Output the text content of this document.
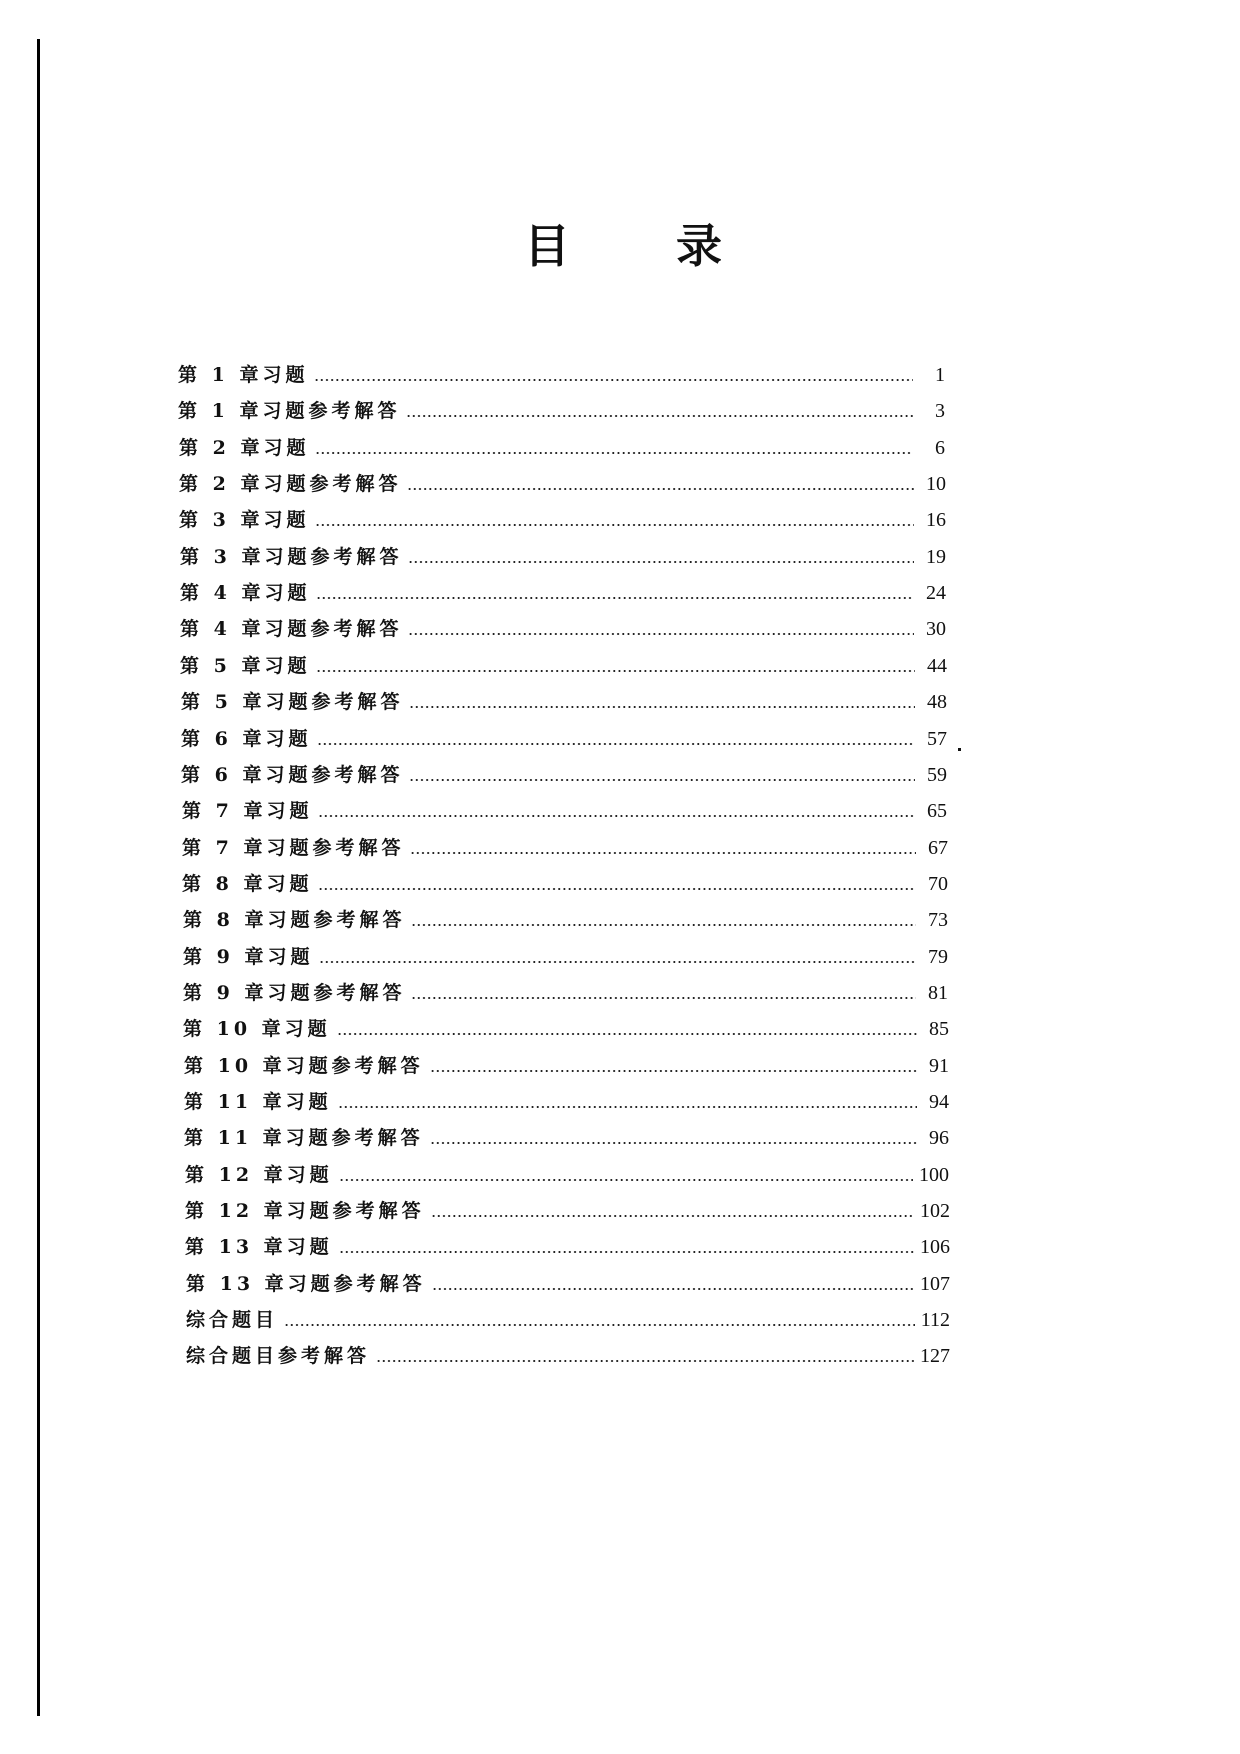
目 录
第 1 章习题	1
第 1 章习题参考解答	3
第 2 章习题	6
第 2 章习题参考解答	10
第 3 章习题	16
第 3 章习题参考解答	19
第 4 章习题	24
第 4 章习题参考解答	30
第 5 章习题	44
第 5 章习题参考解答	48
第 6 章习题	57
第 6 章习题参考解答	59
第 7 章习题	65
第 7 章习题参考解答	67
第 8 章习题	70
第 8 章习题参考解答	73
第 9 章习题	79
第 9 章习题参考解答	81
第 10 章习题	85
第 10 章习题参考解答	91
第 11 章习题	94
第 11 章习题参考解答	96
第 12 章习题	100
第 12 章习题参考解答	102
第 13 章习题	106
第 13 章习题参考解答	107
综合题目	112
综合题目参考解答	127
